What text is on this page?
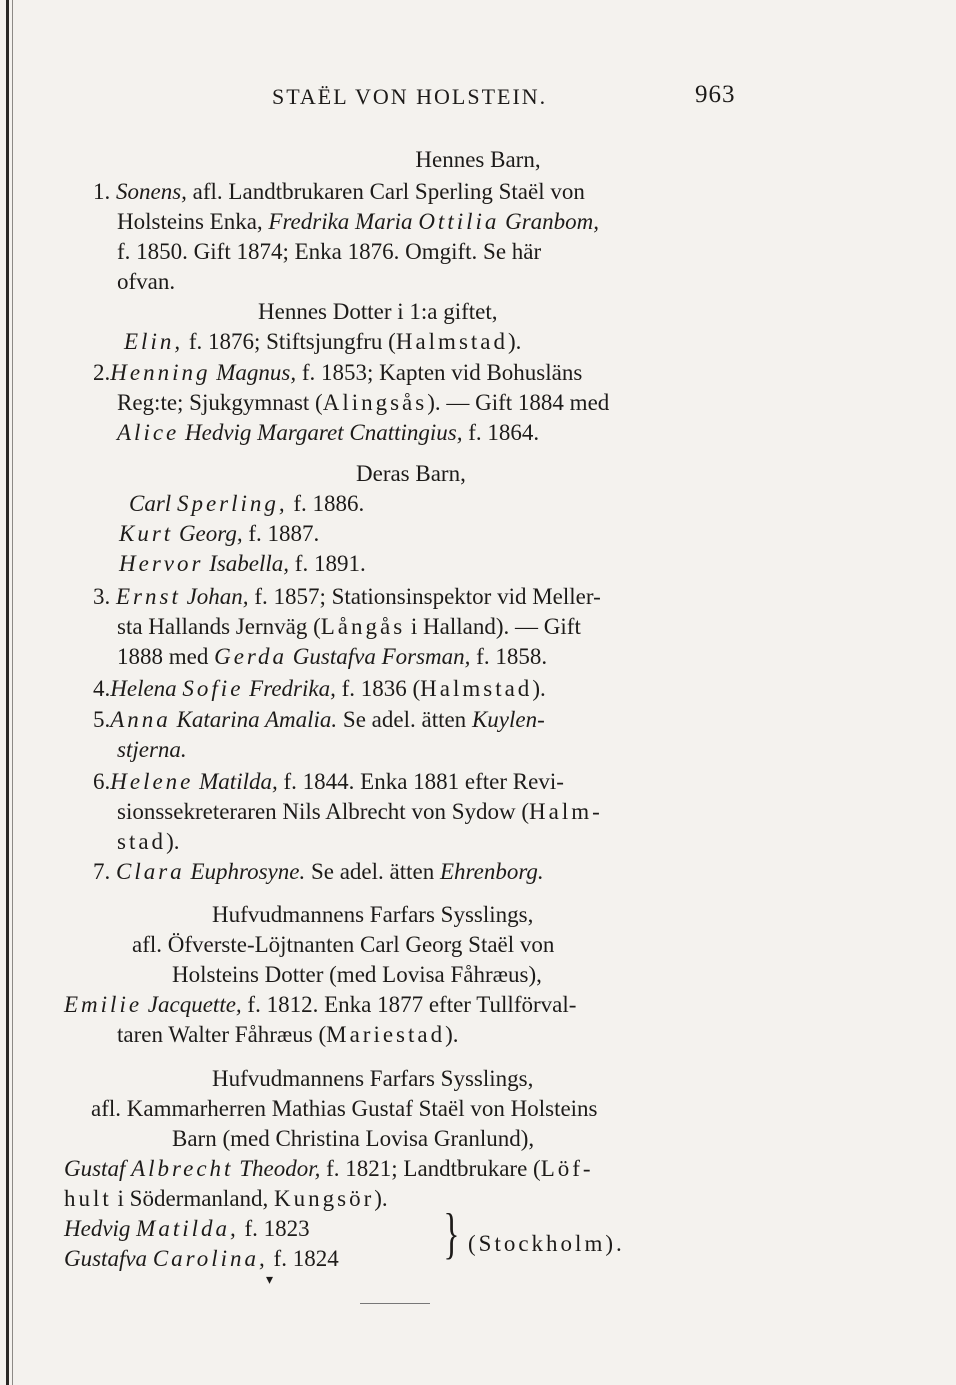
STAËL VON HOLSTEIN.	963
Hennes Barn,
1. Sonens, afl. Landtbrukaren Carl Sperling Staël von
Holsteins Enka, Fredrika Maria Ottilia Granbom,
f. 1850. Gift 1874; Enka 1876. Omgift. Se här
ofvan.
Hennes Dotter i 1:a giftet,
Elin, f. 1876; Stiftsjungfru (Halmstad).
2.Henning Magnus, f. 1853; Kapten vid Bohusläns
Reg:te; Sjukgymnast (Alingsås). — Gift 1884 med
Alice Hedvig Margaret Cnattingius, f. 1864.
Deras Barn,
Carl Sperling, f. 1886.
Kurt Georg, f. 1887.
Hervor Isabella, f. 1891.
3. Ernst Johan, f. 1857; Stationsinspektor vid Meller-
sta Hallands Jernväg (Långås i Halland). — Gift
1888 med Gerda Gustafva Forsman, f. 1858.
4.Helena Sofie Fredrika, f. 1836 (Halmstad).
5.Anna Katarina Amalia. Se adel. ätten Kuylen-
stjerna.
6.Helene Matilda, f. 1844. Enka 1881 efter Revi-
sionssekreteraren Nils Albrecht von Sydow (Halm-
stad).
7. Clara Euphrosyne. Se adel. ätten Ehrenborg.
Hufvudmannens Farfars Sysslings,
afl. Öfverste-Löjtnanten Carl Georg Staël von
Holsteins Dotter (med Lovisa Fåhræus),
Emilie Jacquette, f. 1812. Enka 1877 efter Tullförval-
taren Walter Fåhræus (Mariestad).
Hufvudmannens Farfars Sysslings,
afl. Kammarherren Mathias Gustaf Staël von Holsteins
Barn (med Christina Lovisa Granlund),
Gustaf Albrecht Theodor, f. 1821; Landtbrukare (Löf-
hult i Södermanland, Kungsör).
Hedvig Matilda, f. 1823
Gustafva Carolina, f. 1824 } (Stockholm).
▾
